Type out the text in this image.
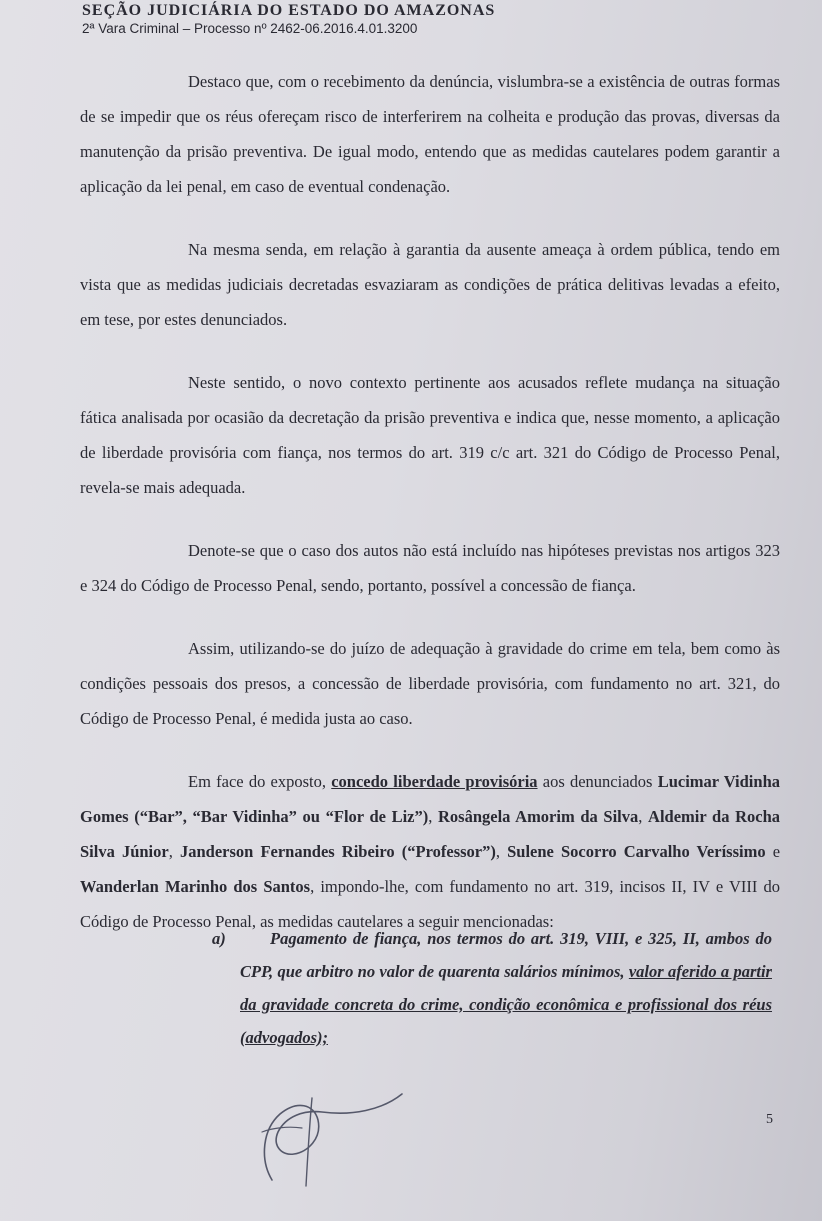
SEÇÃO JUDICIÁRIA DO ESTADO DO AMAZONAS
2ª Vara Criminal – Processo nº 2462-06.2016.4.01.3200

Destaco que, com o recebimento da denúncia, vislumbra-se a existência de outras formas de se impedir que os réus ofereçam risco de interferirem na colheita e produção das provas, diversas da manutenção da prisão preventiva. De igual modo, entendo que as medidas cautelares podem garantir a aplicação da lei penal, em caso de eventual condenação.

Na mesma senda, em relação à garantia da ausente ameaça à ordem pública, tendo em vista que as medidas judiciais decretadas esvaziaram as condições de prática delitivas levadas a efeito, em tese, por estes denunciados.

Neste sentido, o novo contexto pertinente aos acusados reflete mudança na situação fática analisada por ocasião da decretação da prisão preventiva e indica que, nesse momento, a aplicação de liberdade provisória com fiança, nos termos do art. 319 c/c art. 321 do Código de Processo Penal, revela-se mais adequada.

Denote-se que o caso dos autos não está incluído nas hipóteses previstas nos artigos 323 e 324 do Código de Processo Penal, sendo, portanto, possível a concessão de fiança.

Assim, utilizando-se do juízo de adequação à gravidade do crime em tela, bem como às condições pessoais dos presos, a concessão de liberdade provisória, com fundamento no art. 321, do Código de Processo Penal, é medida justa ao caso.

Em face do exposto, concedo liberdade provisória aos denunciados Lucimar Vidinha Gomes (“Bar”, “Bar Vidinha” ou “Flor de Liz”), Rosângela Amorim da Silva, Aldemir da Rocha Silva Júnior, Janderson Fernandes Ribeiro (“Professor”), Sulene Socorro Carvalho Veríssimo e Wanderlan Marinho dos Santos, impondo-lhe, com fundamento no art. 319, incisos II, IV e VIII do Código de Processo Penal, as medidas cautelares a seguir mencionadas:

a)	Pagamento de fiança, nos termos do art. 319, VIII, e 325, II, ambos do CPP, que arbitro no valor de quarenta salários mínimos, valor aferido a partir da gravidade concreta do crime, condição econômica e profissional dos réus (advogados);
5
